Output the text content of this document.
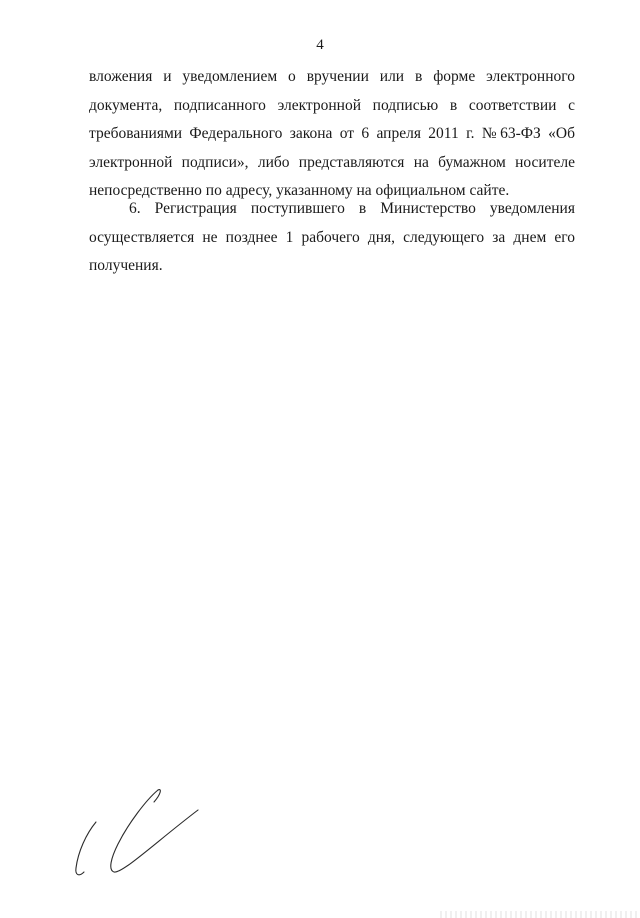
4

вложения и уведомлением о вручении или в форме электронного документа, подписанного электронной подписью в соответствии с требованиями Федерального закона от 6 апреля 2011 г. №63-ФЗ «Об электронной подписи», либо представляются на бумажном носителе непосредственно по адресу, указанному на официальном сайте.

6. Регистрация поступившего в Министерство уведомления осуществляется не позднее 1 рабочего дня, следующего за днем его получения.
